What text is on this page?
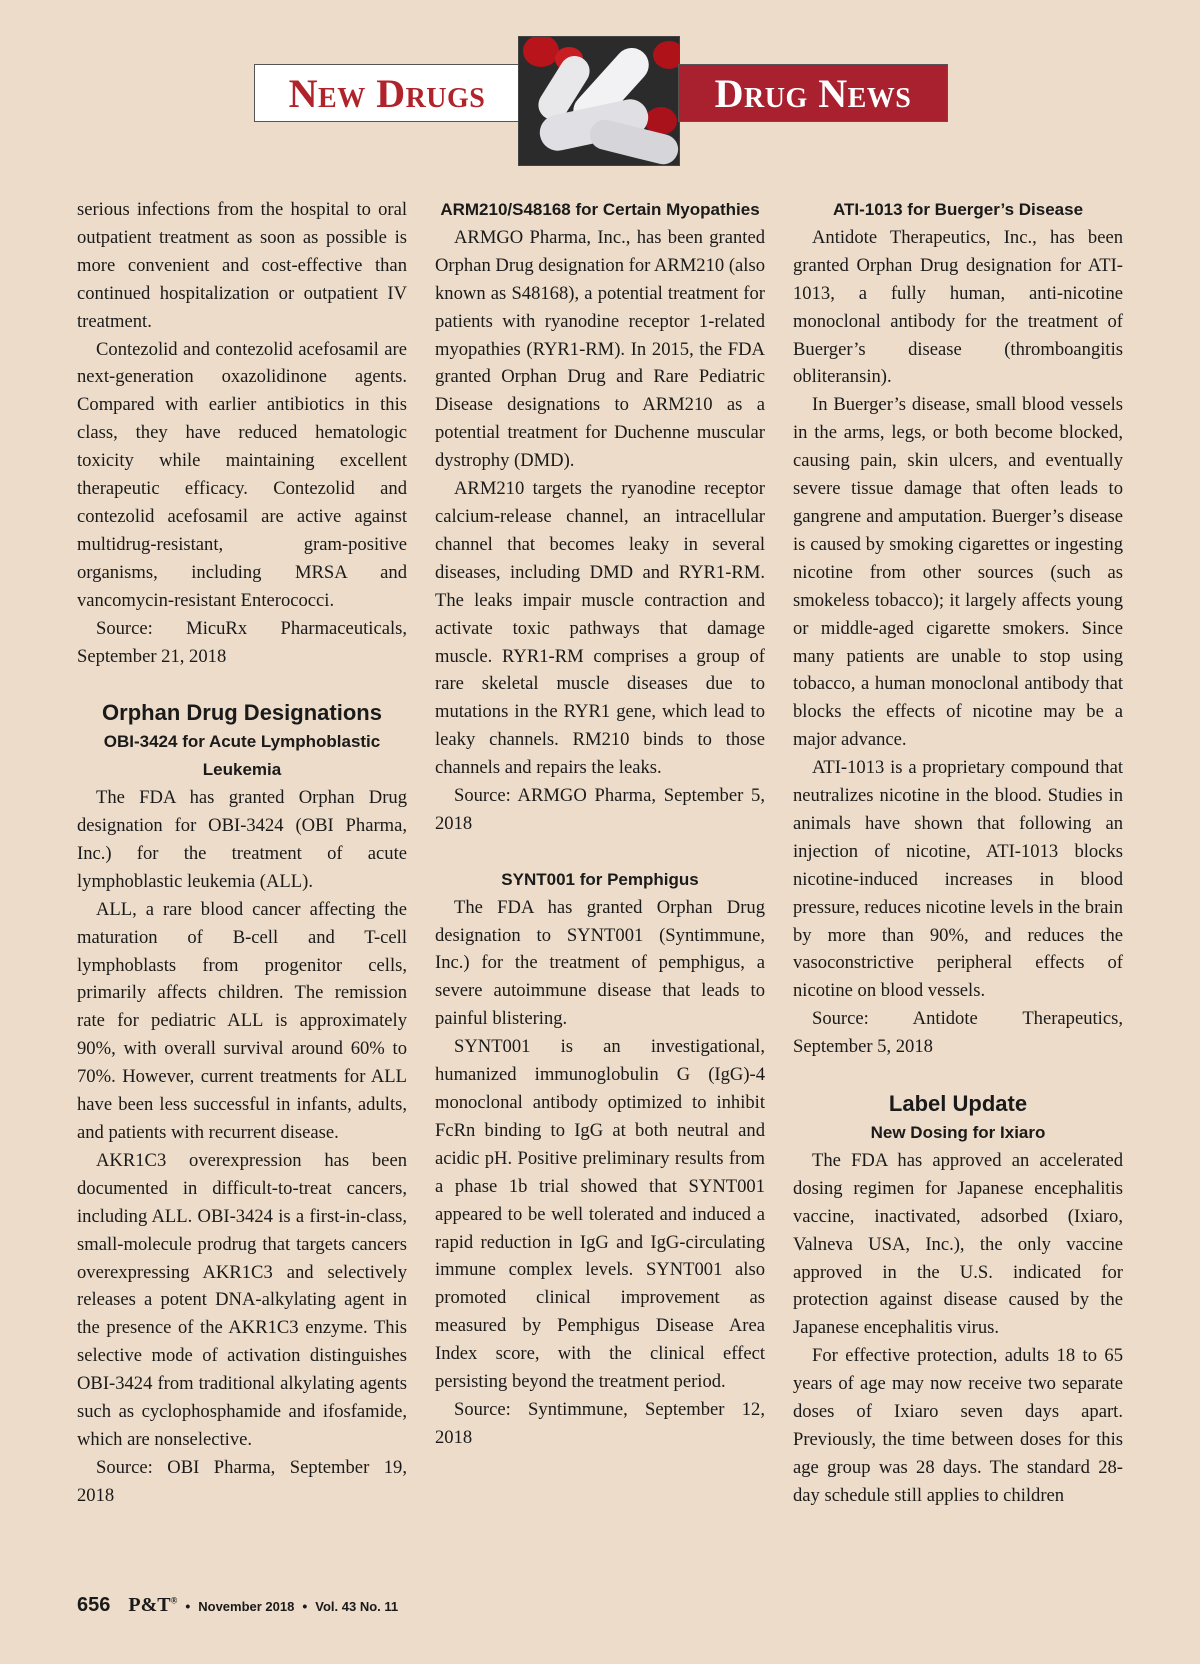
New Drugs	Drug News

serious infections from the hospital to oral outpatient treatment as soon as possible is more convenient and cost-effective than continued hospitalization or outpatient IV treatment.

Contezolid and contezolid acefosamil are next-generation oxazolidinone agents. Compared with earlier antibiotics in this class, they have reduced hematologic toxicity while maintaining excellent therapeutic efficacy. Contezolid and contezolid acefosamil are active against multidrug-resistant, gram-positive organisms, including MRSA and vancomycin-resistant Enterococci.

Source: MicuRx Pharmaceuticals, September 21, 2018

Orphan Drug Designations
OBI-3424 for Acute Lymphoblastic Leukemia

The FDA has granted Orphan Drug designation for OBI-3424 (OBI Pharma, Inc.) for the treatment of acute lymphoblastic leukemia (ALL).

ALL, a rare blood cancer affecting the maturation of B-cell and T-cell lymphoblasts from progenitor cells, primarily affects children. The remission rate for pediatric ALL is approximately 90%, with overall survival around 60% to 70%. However, current treatments for ALL have been less successful in infants, adults, and patients with recurrent disease.

AKR1C3 overexpression has been documented in difficult-to-treat cancers, including ALL. OBI-3424 is a first-in-class, small-molecule prodrug that targets cancers overexpressing AKR1C3 and selectively releases a potent DNA-alkylating agent in the presence of the AKR1C3 enzyme. This selective mode of activation distinguishes OBI-3424 from traditional alkylating agents such as cyclophosphamide and ifosfamide, which are nonselective.

Source: OBI Pharma, September 19, 2018

ARM210/S48168 for Certain Myopathies

ARMGO Pharma, Inc., has been granted Orphan Drug designation for ARM210 (also known as S48168), a potential treatment for patients with ryanodine receptor 1-related myopathies (RYR1-RM). In 2015, the FDA granted Orphan Drug and Rare Pediatric Disease designations to ARM210 as a potential treatment for Duchenne muscular dystrophy (DMD).

ARM210 targets the ryanodine receptor calcium-release channel, an intracellular channel that becomes leaky in several diseases, including DMD and RYR1-RM. The leaks impair muscle contraction and activate toxic pathways that damage muscle. RYR1-RM comprises a group of rare skeletal muscle diseases due to mutations in the RYR1 gene, which lead to leaky channels. RM210 binds to those channels and repairs the leaks.

Source: ARMGO Pharma, September 5, 2018

SYNT001 for Pemphigus

The FDA has granted Orphan Drug designation to SYNT001 (Syntimmune, Inc.) for the treatment of pemphigus, a severe autoimmune disease that leads to painful blistering.

SYNT001 is an investigational, humanized immunoglobulin G (IgG)-4 monoclonal antibody optimized to inhibit FcRn binding to IgG at both neutral and acidic pH. Positive preliminary results from a phase 1b trial showed that SYNT001 appeared to be well tolerated and induced a rapid reduction in IgG and IgG-circulating immune complex levels. SYNT001 also promoted clinical improvement as measured by Pemphigus Disease Area Index score, with the clinical effect persisting beyond the treatment period.

Source: Syntimmune, September 12, 2018

ATI-1013 for Buerger’s Disease

Antidote Therapeutics, Inc., has been granted Orphan Drug designation for ATI-1013, a fully human, anti-nicotine monoclonal antibody for the treatment of Buerger’s disease (thromboangitis obliteransin).

In Buerger’s disease, small blood vessels in the arms, legs, or both become blocked, causing pain, skin ulcers, and eventually severe tissue damage that often leads to gangrene and amputation. Buerger’s disease is caused by smoking cigarettes or ingesting nicotine from other sources (such as smokeless tobacco); it largely affects young or middle-aged cigarette smokers. Since many patients are unable to stop using tobacco, a human monoclonal antibody that blocks the effects of nicotine may be a major advance.

ATI-1013 is a proprietary compound that neutralizes nicotine in the blood. Studies in animals have shown that following an injection of nicotine, ATI-1013 blocks nicotine-induced increases in blood pressure, reduces nicotine levels in the brain by more than 90%, and reduces the vasoconstrictive peripheral effects of nicotine on blood vessels.

Source: Antidote Therapeutics, September 5, 2018

Label Update
New Dosing for Ixiaro

The FDA has approved an accelerated dosing regimen for Japanese encephalitis vaccine, inactivated, adsorbed (Ixiaro, Valneva USA, Inc.), the only vaccine approved in the U.S. indicated for protection against disease caused by the Japanese encephalitis virus.

For effective protection, adults 18 to 65 years of age may now receive two separate doses of Ixiaro seven days apart. Previously, the time between doses for this age group was 28 days. The standard 28-day schedule still applies to children

656 P&T® • November 2018 • Vol. 43 No. 11
